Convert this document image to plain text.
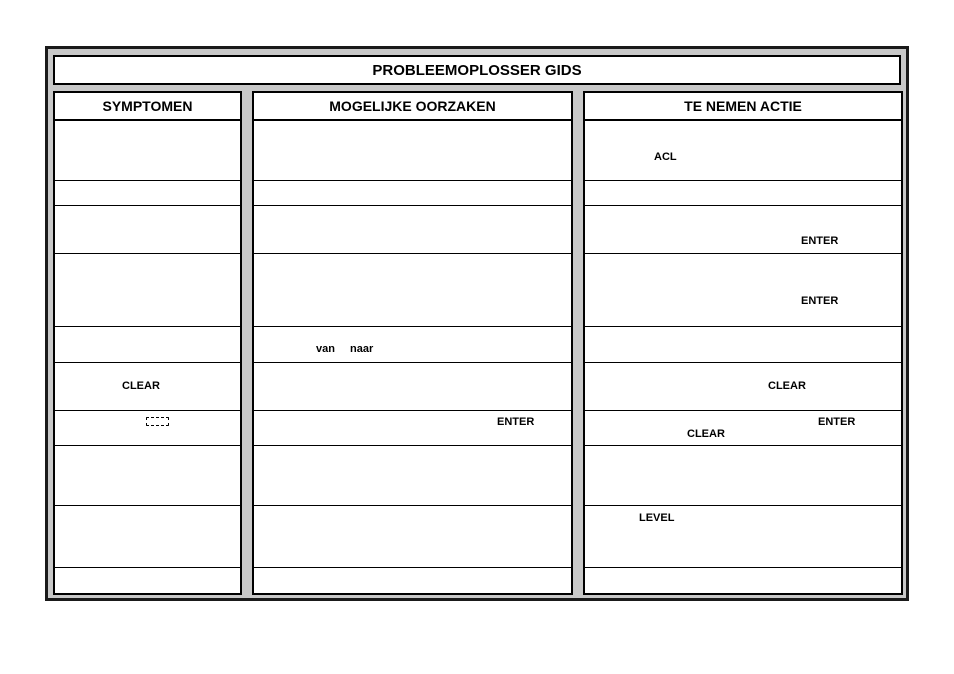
PROBLEEMOPLOSSER GIDS
SYMPTOMEN
CLEAR
MOGELIJKE OORZAKEN
van naar
ENTER
TE NEMEN ACTIE
ACL
ENTER
ENTER
CLEAR
ENTER
CLEAR
LEVEL
